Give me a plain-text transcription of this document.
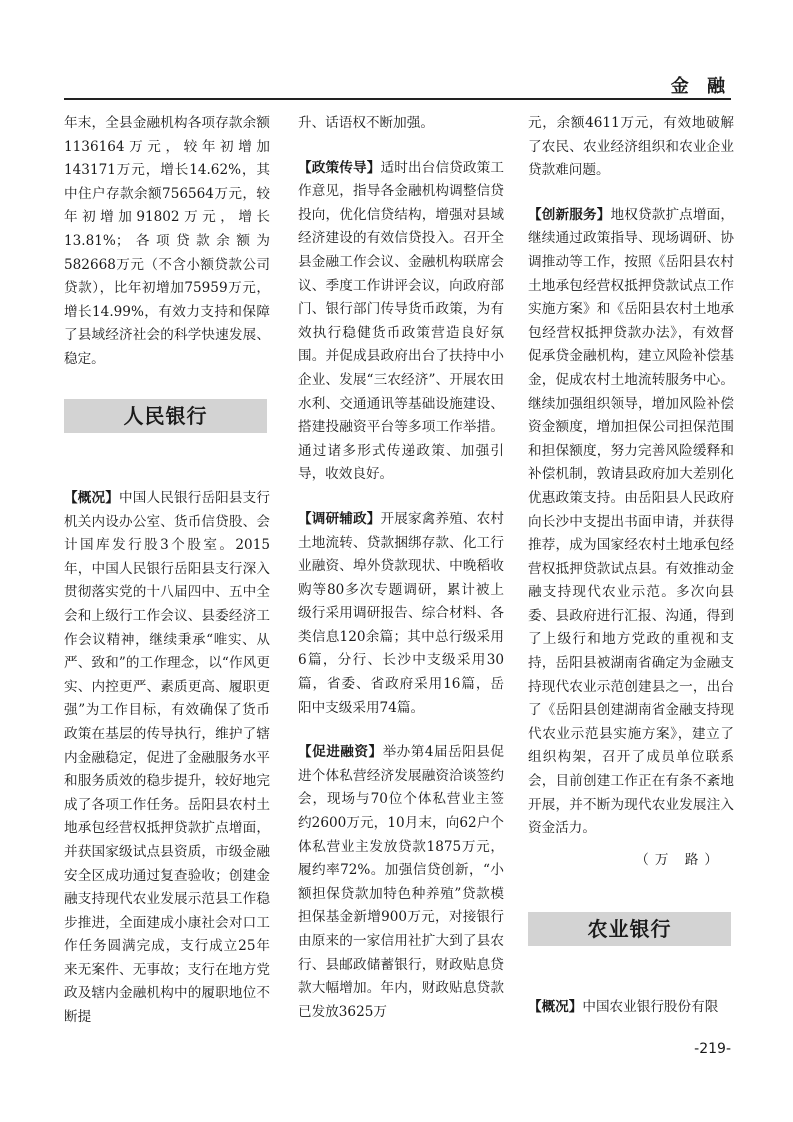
金 融

年末，全县金融机构各项存款余额1136164万元，较年初增加143171万元，增长14.62%，其中住户存款余额756564万元，较年初增加91802万元，增长13.81%；各项贷款余额为582668万元（不含小额贷款公司贷款），比年初增加75959万元，增长14.99%，有效力支持和保障了县域经济社会的科学快速发展、稳定。

人民银行
【概况】中国人民银行岳阳县支行机关内设办公室、货币信贷股、会计国库发行股3个股室。2015年，中国人民银行岳阳县支行深入贯彻落实党的十八届四中、五中全会和上级行工作会议、县委经济工作会议精神，继续秉承“唯实、从严、致和”的工作理念，以“作风更实、内控更严、素质更高、履职更强”为工作目标，有效确保了货币政策在基层的传导执行，维护了辖内金融稳定，促进了金融服务水平和服务质效的稳步提升，较好地完成了各项工作任务。岳阳县农村土地承包经营权抵押贷款扩点增面，并获国家级试点县资质，市级金融安全区成功通过复查验收；创建金融支持现代农业发展示范县工作稳步推进，全面建成小康社会对口工作任务圆满完成，支行成立25年来无案件、无事故；支行在地方党政及辖内金融机构中的履职地位不断提

升、话语权不断加强。

【政策传导】适时出台信贷政策工作意见，指导各金融机构调整信贷投向，优化信贷结构，增强对县域经济建设的有效信贷投入。召开全县金融工作会议、金融机构联席会议、季度工作讲评会议，向政府部门、银行部门传导货币政策，为有效执行稳健货币政策营造良好氛围。并促成县政府出台了扶持中小企业、发展“三农经济”、开展农田水利、交通通讯等基础设施建设、搭建投融资平台等多项工作举措。通过诸多形式传递政策、加强引导，收效良好。

【调研辅政】开展家禽养殖、农村土地流转、贷款捆绑存款、化工行业融资、埠外贷款现状、中晚稻收购等80多次专题调研，累计被上级行采用调研报告、综合材料、各类信息120余篇；其中总行级采用6篇，分行、长沙中支级采用30篇，省委、省政府采用16篇，岳阳中支级采用74篇。

【促进融资】举办第4届岳阳县促进个体私营经济发展融资洽谈签约会，现场与70位个体私营业主签约2600万元，10月末，向62户个体私营业主发放贷款1875万元，履约率72%。加强信贷创新，“小额担保贷款加特色种养殖”贷款模担保基金新增900万元，对接银行由原来的一家信用社扩大到了县农行、县邮政储蓄银行，财政贴息贷款大幅增加。年内，财政贴息贷款已发放3625万

元，余额4611万元，有效地破解了农民、农业经济组织和农业企业贷款难问题。

【创新服务】地权贷款扩点增面，继续通过政策指导、现场调研、协调推动等工作，按照《岳阳县农村土地承包经营权抵押贷款试点工作实施方案》和《岳阳县农村土地承包经营权抵押贷款办法》，有效督促承贷金融机构，建立风险补偿基金，促成农村土地流转服务中心。继续加强组织领导，增加风险补偿资金额度，增加担保公司担保范围和担保额度，努力完善风险缓释和补偿机制，敦请县政府加大差别化优惠政策支持。由岳阳县人民政府向长沙中支提出书面申请，并获得推荐，成为国家经农村土地承包经营权抵押贷款试点县。有效推动金融支持现代农业示范。多次向县委、县政府进行汇报、沟通，得到了上级行和地方党政的重视和支持，岳阳县被湖南省确定为金融支持现代农业示范创建县之一，出台了《岳阳县创建湖南省金融支持现代农业示范县实施方案》，建立了组织构架，召开了成员单位联系会，目前创建工作正在有条不紊地开展，并不断为现代农业发展注入资金活力。

（万 路）
农业银行
【概况】中国农业银行股份有限
-219-
